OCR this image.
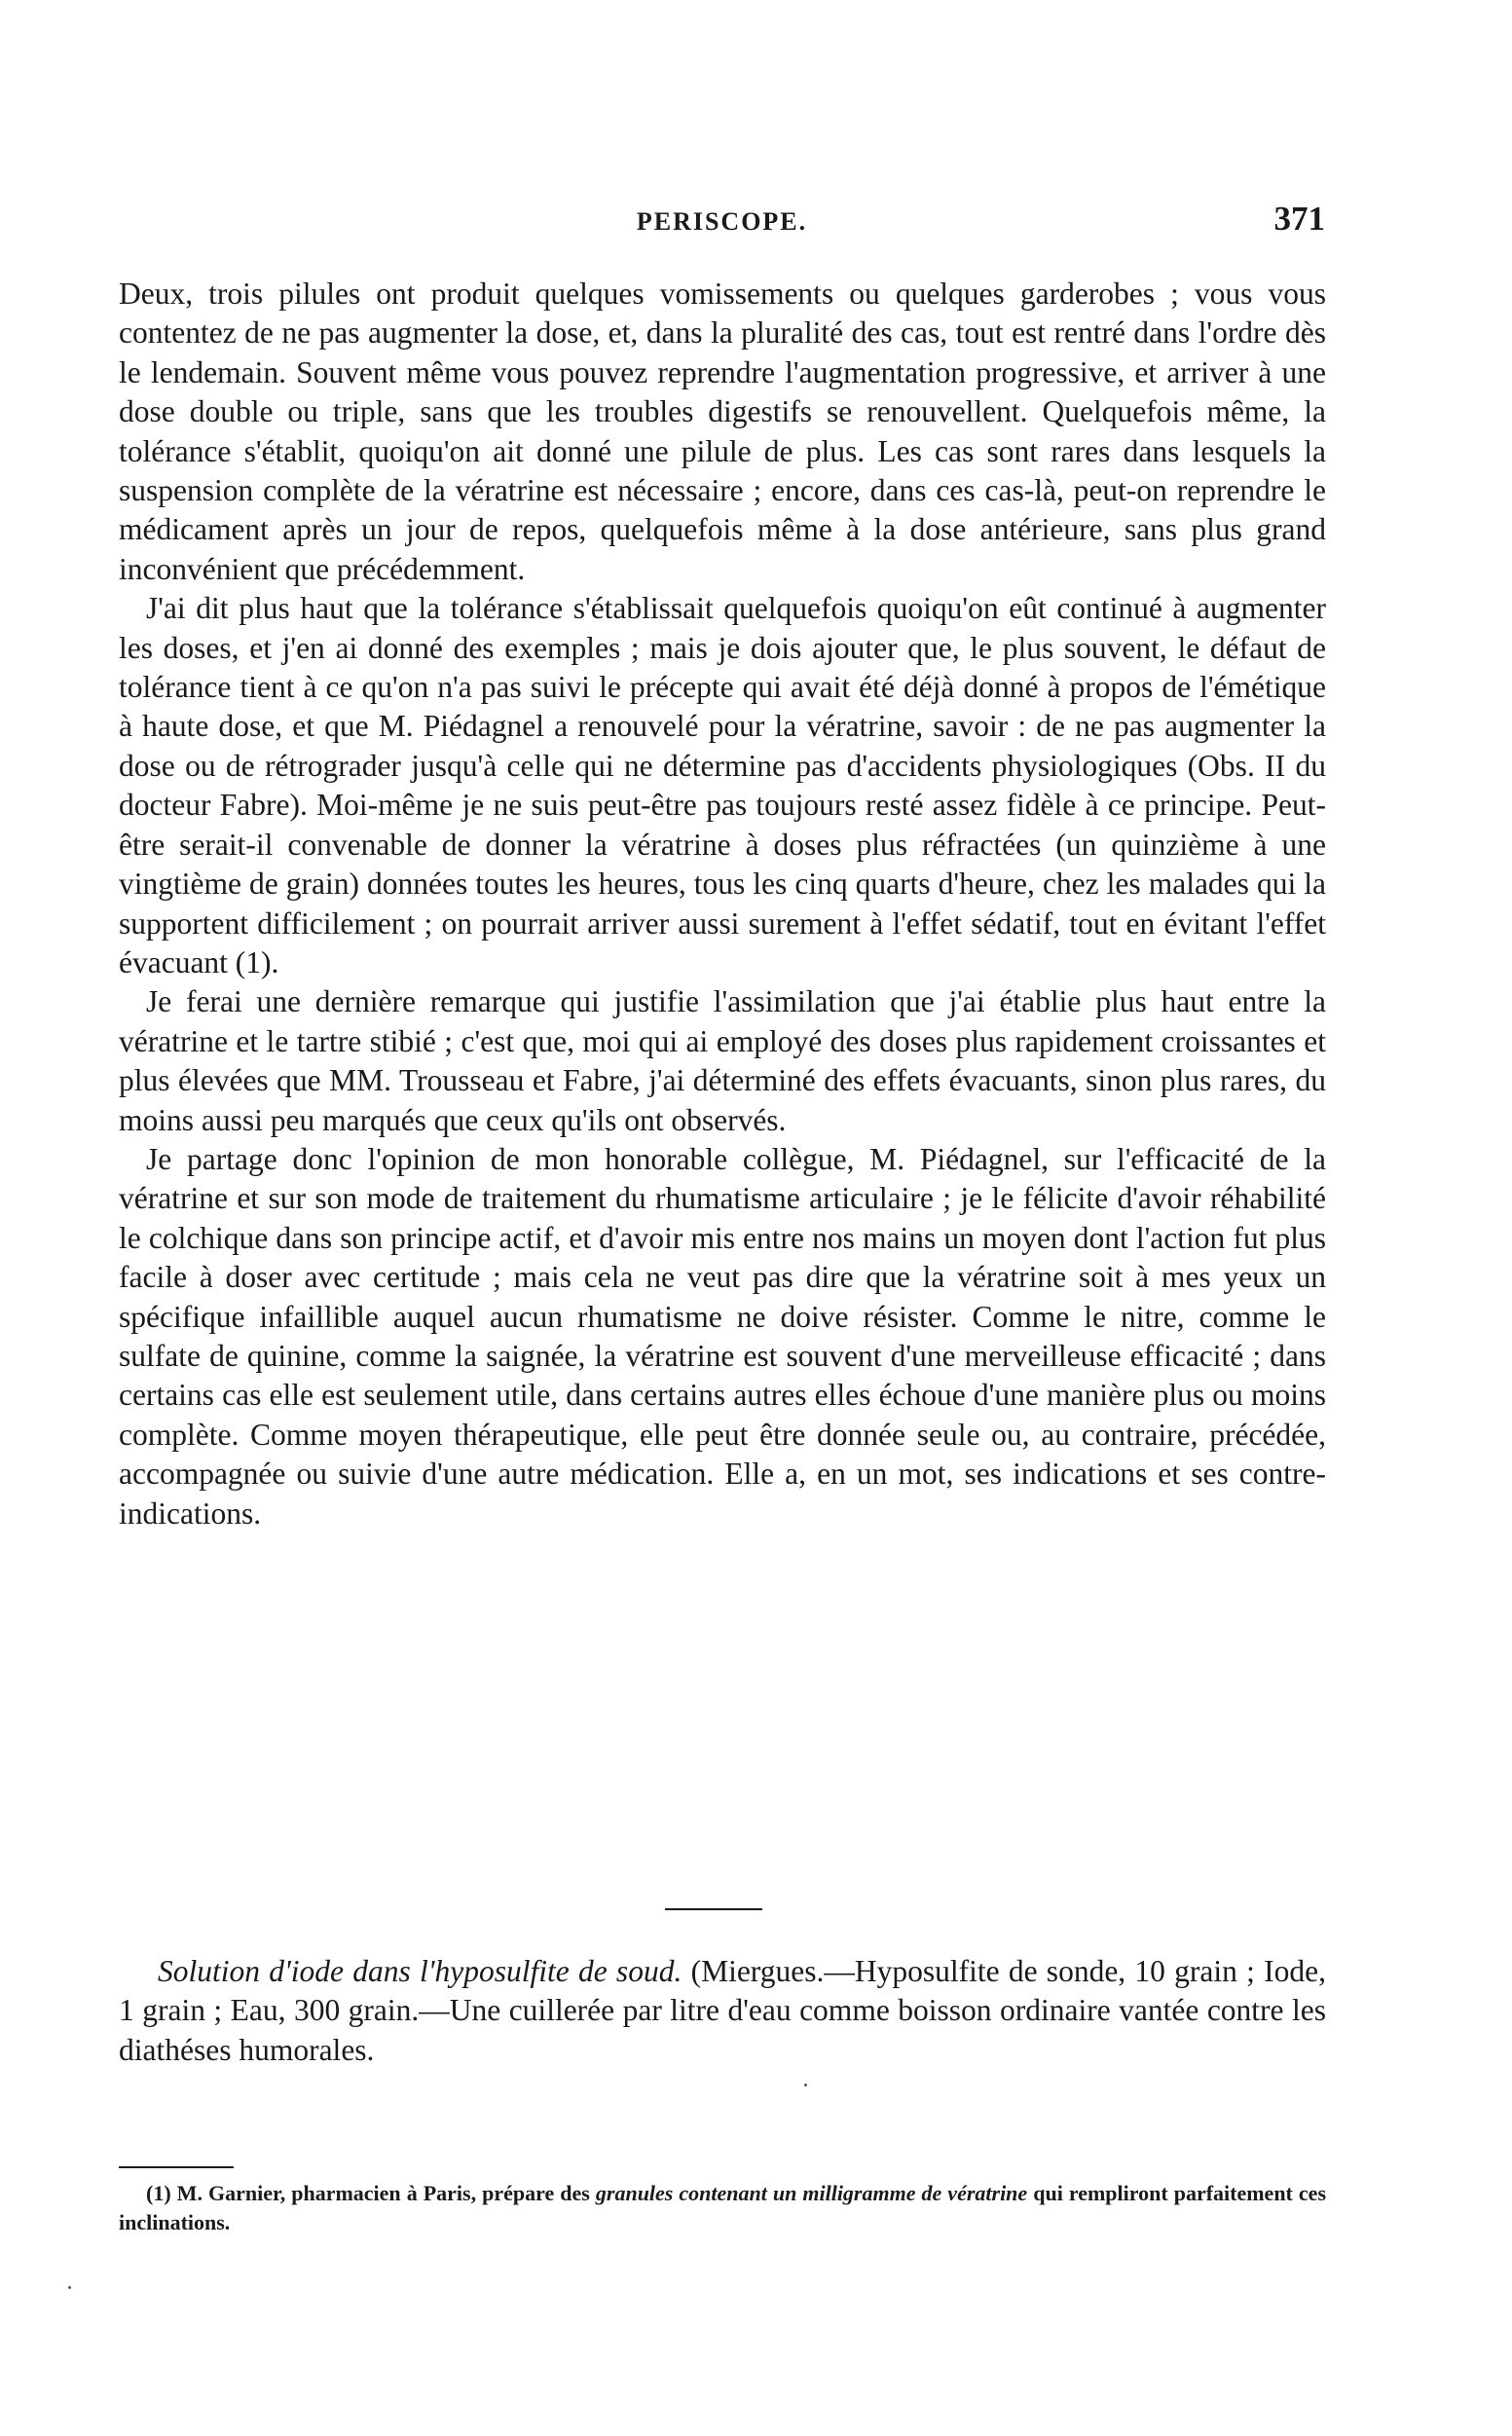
PERISCOPE.	371

Deux, trois pilules ont produit quelques vomissements ou quelques garderobes ; vous vous contentez de ne pas augmenter la dose, et, dans la pluralité des cas, tout est rentré dans l'ordre dès le lendemain. Souvent même vous pouvez reprendre l'augmentation progressive, et arriver à une dose double ou triple, sans que les troubles digestifs se renouvellent. Quelquefois même, la tolérance s'établit, quoiqu'on ait donné une pilule de plus. Les cas sont rares dans lesquels la suspension complète de la vératrine est nécessaire ; encore, dans ces cas-là, peut-on reprendre le médicament après un jour de repos, quelquefois même à la dose antérieure, sans plus grand inconvénient que précédemment.

J'ai dit plus haut que la tolérance s'établissait quelquefois quoiqu'on eût continué à augmenter les doses, et j'en ai donné des exemples ; mais je dois ajouter que, le plus souvent, le défaut de tolérance tient à ce qu'on n'a pas suivi le précepte qui avait été déjà donné à propos de l'émétique à haute dose, et que M. Piédagnel a renouvelé pour la vératrine, savoir : de ne pas augmenter la dose ou de rétrograder jusqu'à celle qui ne détermine pas d'accidents physiologiques (Obs. II du docteur Fabre). Moi-même je ne suis peut-être pas toujours resté assez fidèle à ce principe. Peut-être serait-il convenable de donner la vératrine à doses plus réfractées (un quinzième à une vingtième de grain) données toutes les heures, tous les cinq quarts d'heure, chez les malades qui la supportent difficilement ; on pourrait arriver aussi surement à l'effet sédatif, tout en évitant l'effet évacuant (1).

Je ferai une dernière remarque qui justifie l'assimilation que j'ai établie plus haut entre la vératrine et le tartre stibié ; c'est que, moi qui ai employé des doses plus rapidement croissantes et plus élevées que MM. Trousseau et Fabre, j'ai déterminé des effets évacuants, sinon plus rares, du moins aussi peu marqués que ceux qu'ils ont observés.

Je partage donc l'opinion de mon honorable collègue, M. Piédagnel, sur l'efficacité de la vératrine et sur son mode de traitement du rhumatisme articulaire ; je le félicite d'avoir réhabilité le colchique dans son principe actif, et d'avoir mis entre nos mains un moyen dont l'action fut plus facile à doser avec certitude ; mais cela ne veut pas dire que la vératrine soit à mes yeux un spécifique infaillible auquel aucun rhumatisme ne doive résister. Comme le nitre, comme le sulfate de quinine, comme la saignée, la vératrine est souvent d'une merveilleuse efficacité ; dans certains cas elle est seulement utile, dans certains autres elles échoue d'une manière plus ou moins complète. Comme moyen thérapeutique, elle peut être donnée seule ou, au contraire, précédée, accompagnée ou suivie d'une autre médication. Elle a, en un mot, ses indications et ses contre-indications.

Solution d'iode dans l'hyposulfite de soud. (Miergues.—Hyposulfite de sonde, 10 grain ; Iode, 1 grain ; Eau, 300 grain.—Une cuillerée par litre d'eau comme boisson ordinaire vantée contre les diathéses humorales.

(1) M. Garnier, pharmacien à Paris, prépare des granules contenant un milligramme de vératrine qui rempliront parfaitement ces inclinations.
